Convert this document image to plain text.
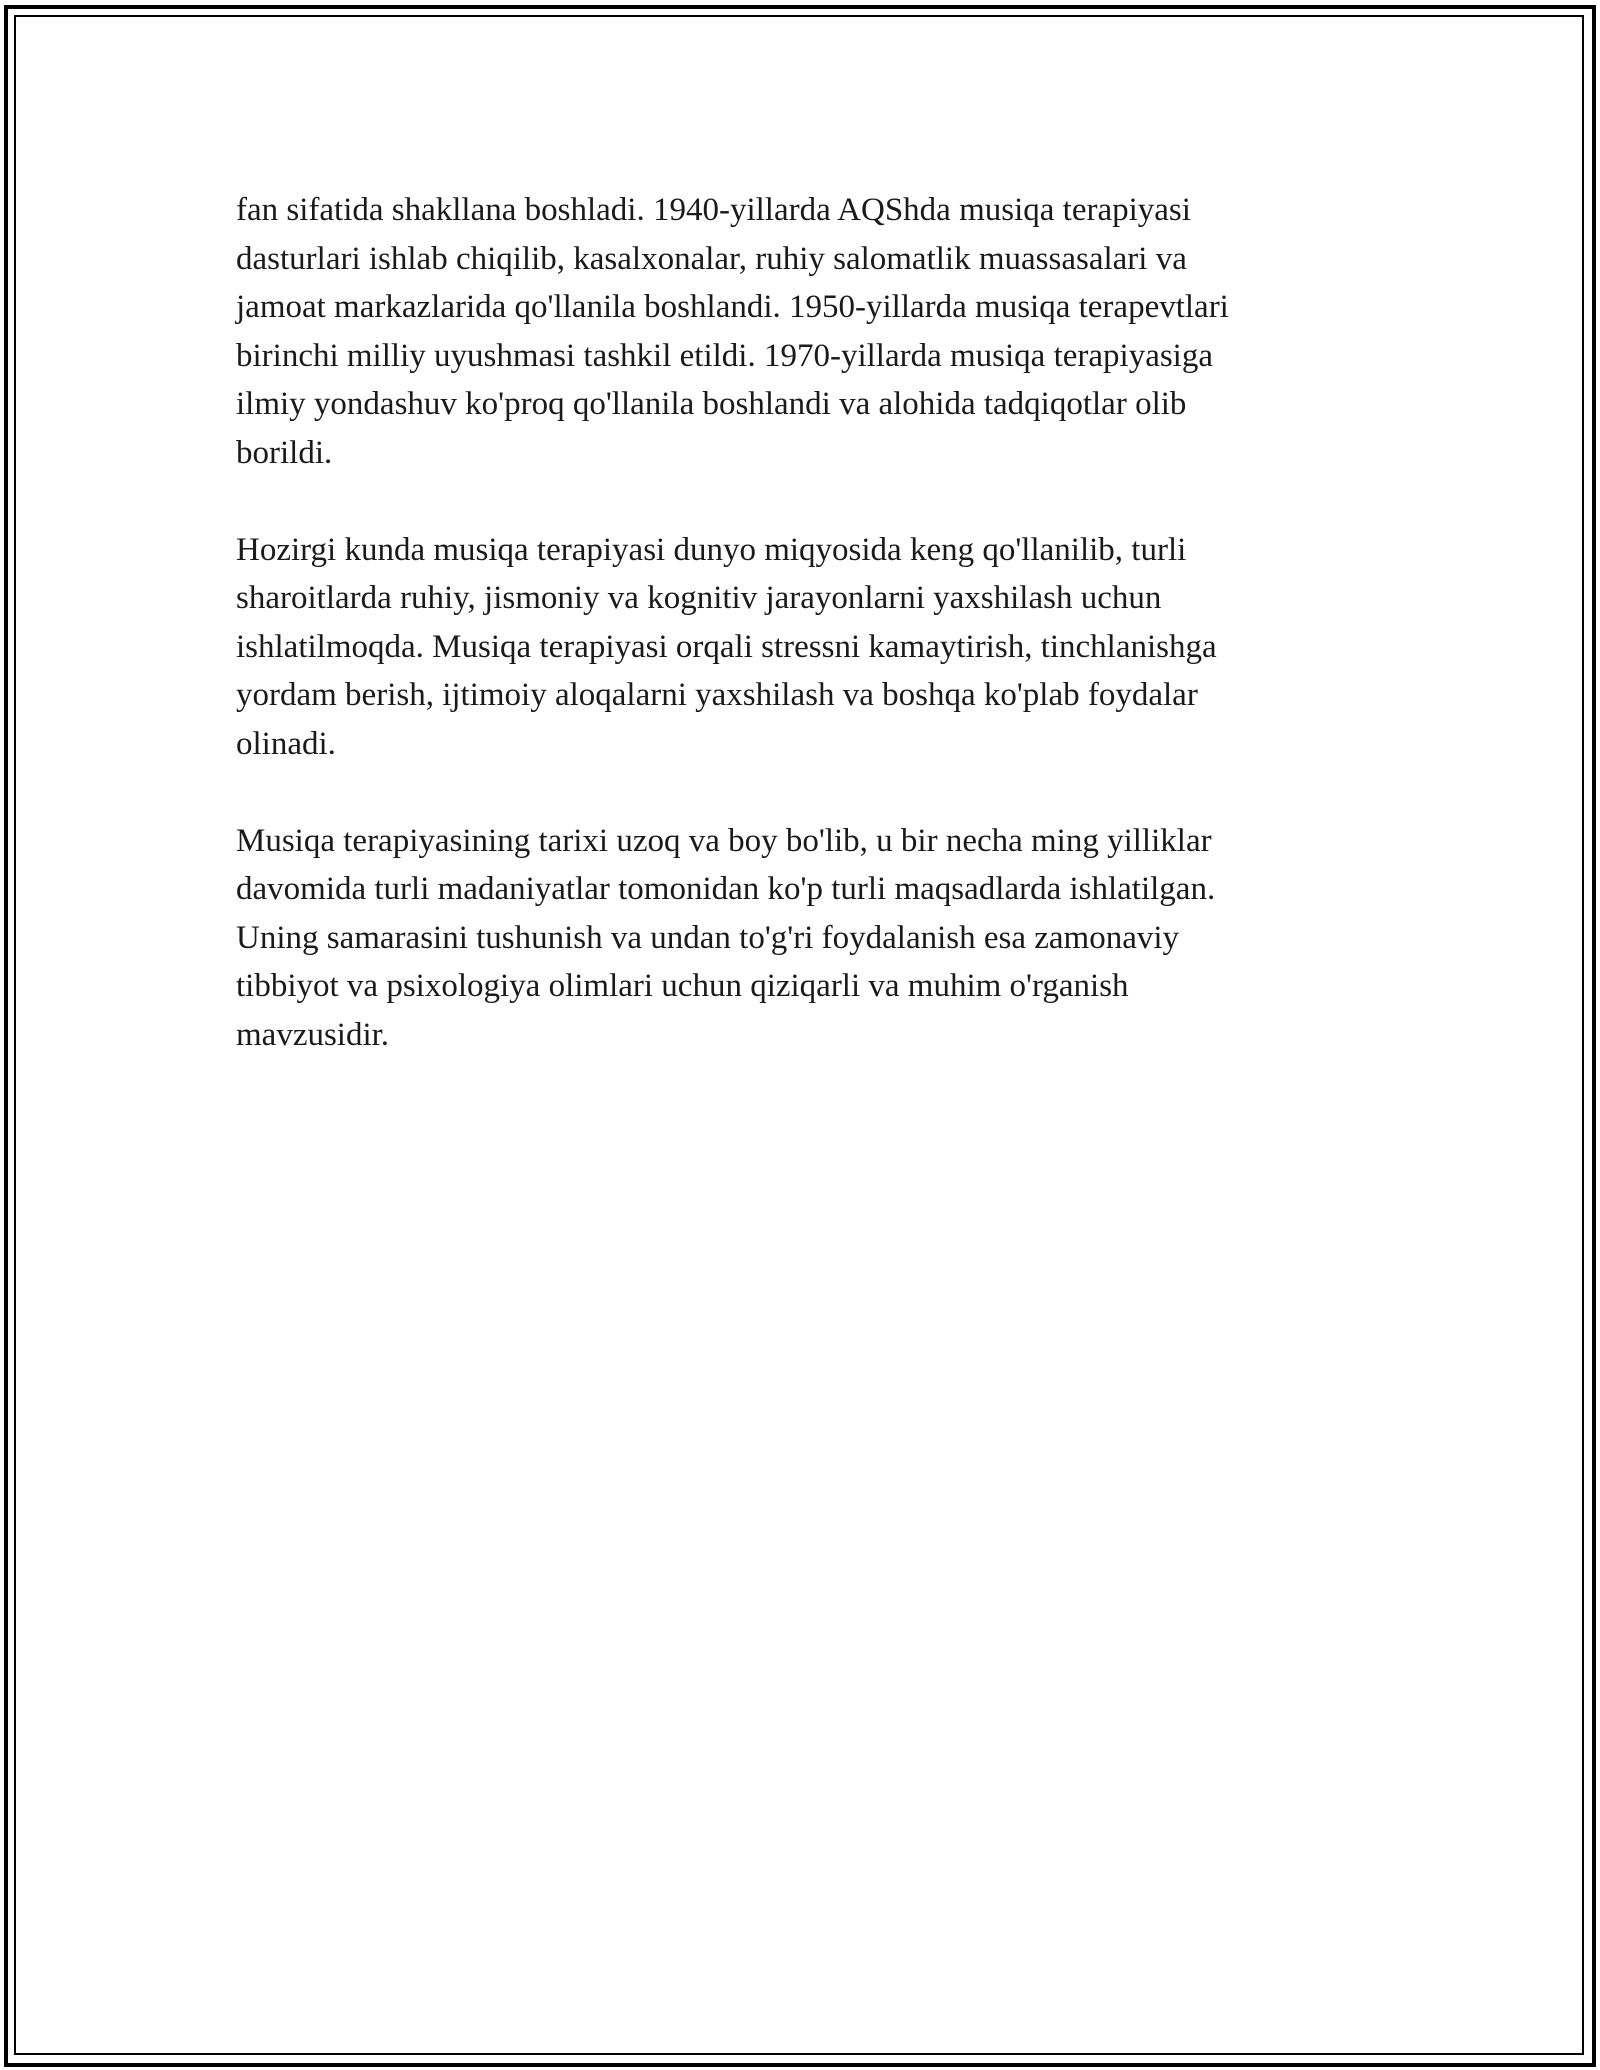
fan sifatida shakllana boshladi. 1940-yillarda AQShda musiqa terapiyasi
dasturlari ishlab chiqilib, kasalxonalar, ruhiy salomatlik muassasalari va
jamoat markazlarida qo'llanila boshlandi. 1950-yillarda musiqa terapevtlari
birinchi milliy uyushmasi tashkil etildi. 1970-yillarda musiqa terapiyasiga
ilmiy yondashuv ko'proq qo'llanila boshlandi va alohida tadqiqotlar olib
borildi.

Hozirgi kunda musiqa terapiyasi dunyo miqyosida keng qo'llanilib, turli
sharoitlarda ruhiy, jismoniy va kognitiv jarayonlarni yaxshilash uchun
ishlatilmoqda. Musiqa terapiyasi orqali stressni kamaytirish, tinchlanishga
yordam berish, ijtimoiy aloqalarni yaxshilash va boshqa ko'plab foydalar
olinadi.

Musiqa terapiyasining tarixi uzoq va boy bo'lib, u bir necha ming yilliklar
davomida turli madaniyatlar tomonidan ko'p turli maqsadlarda ishlatilgan.
Uning samarasini tushunish va undan to'g'ri foydalanish esa zamonaviy
tibbiyot va psixologiya olimlari uchun qiziqarli va muhim o'rganish
mavzusidir.
